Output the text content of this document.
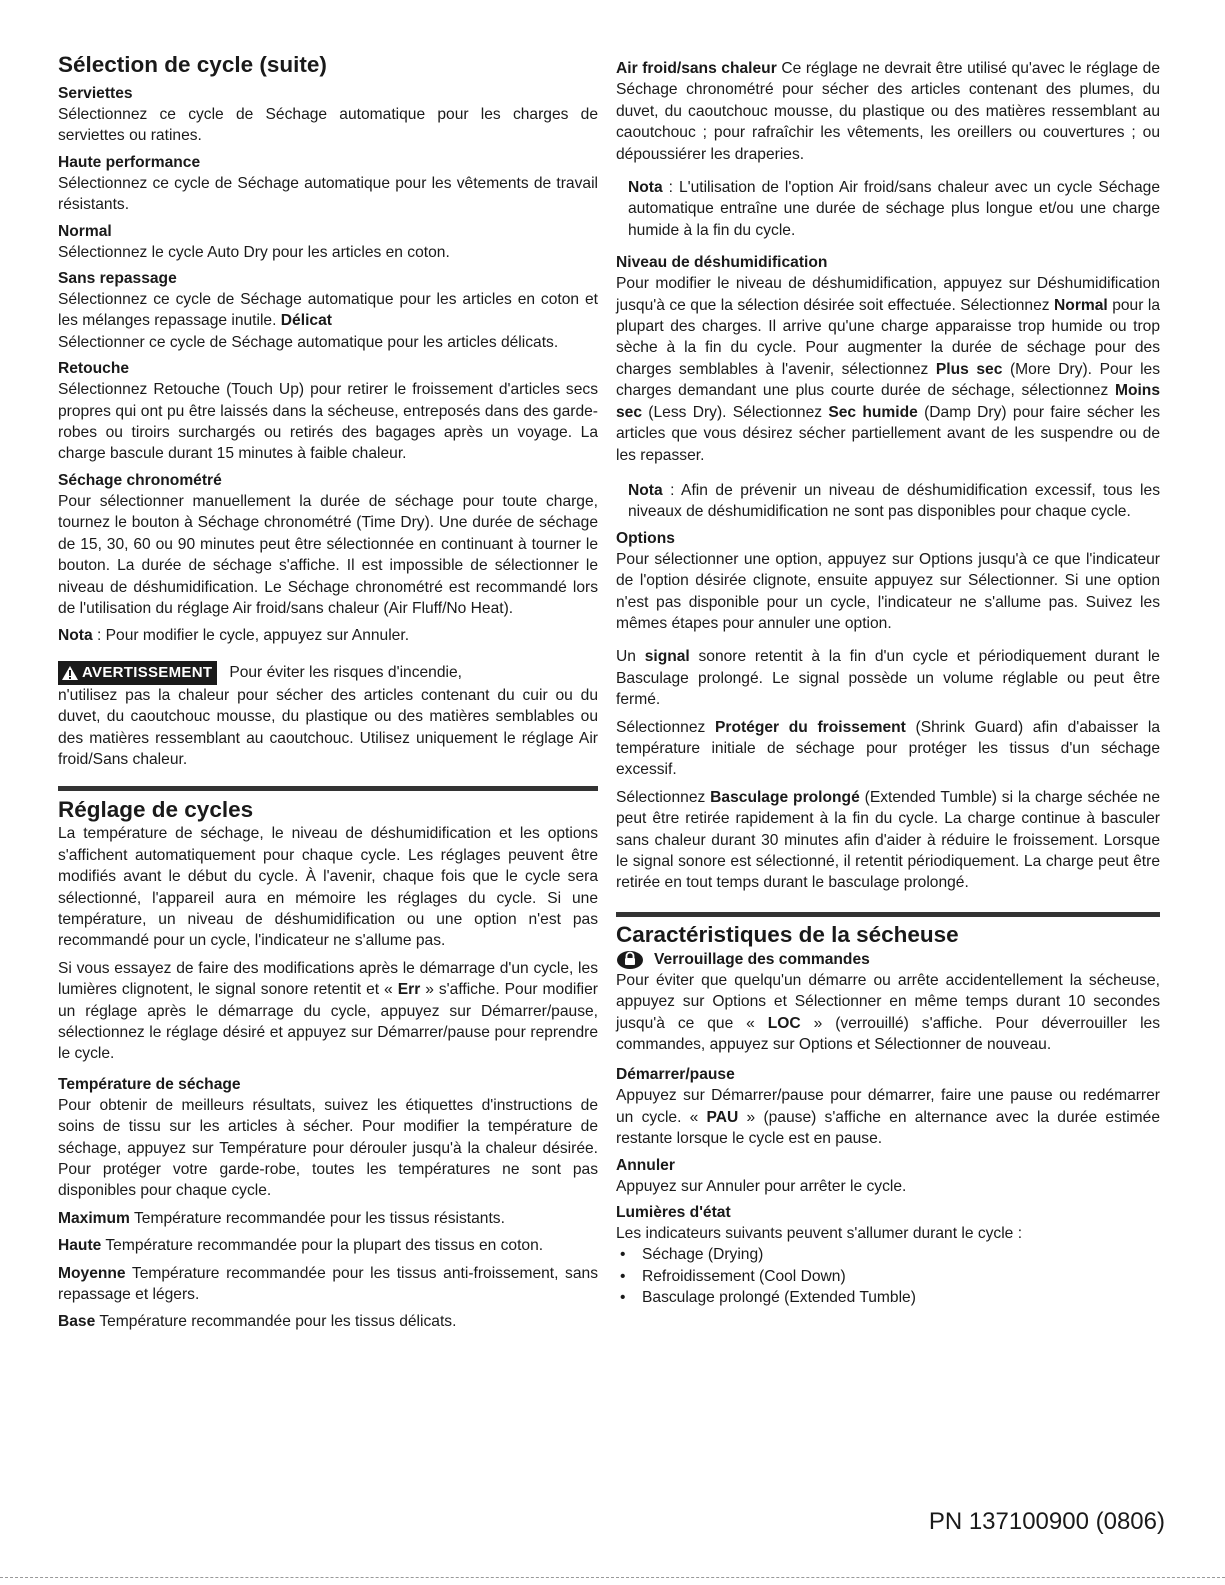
Sélection de cycle (suite)
Serviettes

Sélectionnez ce cycle de Séchage automatique pour les charges de serviettes ou ratines.

Haute performance

Sélectionnez ce cycle de Séchage automatique pour les vêtements de travail résistants.

Normal

Sélectionnez le cycle Auto Dry pour les articles en coton.

Sans repassage

Sélectionnez ce cycle de Séchage automatique pour les articles en coton et les mélanges repassage inutile. Délicat

Sélectionner ce cycle de Séchage automatique pour les articles délicats.

Retouche

Sélectionnez Retouche (Touch Up) pour retirer le froissement d'articles secs propres qui ont pu être laissés dans la sécheuse, entreposés dans des garde-robes ou tiroirs surchargés ou retirés des bagages après un voyage. La charge bascule durant 15 minutes à faible chaleur.

Séchage chronométré

Pour sélectionner manuellement la durée de séchage pour toute charge, tournez le bouton à Séchage chronométré (Time Dry). Une durée de séchage de 15, 30, 60 ou 90 minutes peut être sélectionnée en continuant à tourner le bouton. La durée de séchage s'affiche. Il est impossible de sélectionner le niveau de déshumidification. Le Séchage chronométré est recommandé lors de l'utilisation du réglage Air froid/sans chaleur (Air Fluff/No Heat).

Nota : Pour modifier le cycle, appuyez sur Annuler.

AVERTISSEMENT Pour éviter les risques d'incendie,

n'utilisez pas la chaleur pour sécher des articles contenant du cuir ou du duvet, du caoutchouc mousse, du plastique ou des matières semblables ou des matières ressemblant au caoutchouc. Utilisez uniquement le réglage Air froid/Sans chaleur.

Réglage de cycles

La température de séchage, le niveau de déshumidification et les options s'affichent automatiquement pour chaque cycle. Les réglages peuvent être modifiés avant le début du cycle. À l'avenir, chaque fois que le cycle sera sélectionné, l'appareil aura en mémoire les réglages du cycle. Si une température, un niveau de déshumidification ou une option n'est pas recommandé pour un cycle, l'indicateur ne s'allume pas.

Si vous essayez de faire des modifications après le démarrage d'un cycle, les lumières clignotent, le signal sonore retentit et « Err » s'affiche. Pour modifier un réglage après le démarrage du cycle, appuyez sur Démarrer/pause, sélectionnez le réglage désiré et appuyez sur Démarrer/pause pour reprendre le cycle.

Température de séchage

Pour obtenir de meilleurs résultats, suivez les étiquettes d'instructions de soins de tissu sur les articles à sécher. Pour modifier la température de séchage, appuyez sur Température pour dérouler jusqu'à la chaleur désirée. Pour protéger votre garde-robe, toutes les températures ne sont pas disponibles pour chaque cycle.

Maximum Température recommandée pour les tissus résistants.

Haute Température recommandée pour la plupart des tissus en coton.

Moyenne Température recommandée pour les tissus anti-froissement, sans repassage et légers.

Base Température recommandée pour les tissus délicats.

Air froid/sans chaleur Ce réglage ne devrait être utilisé qu'avec le réglage de Séchage chronométré pour sécher des articles contenant des plumes, du duvet, du caoutchouc mousse, du plastique ou des matières ressemblant au caoutchouc ; pour rafraîchir les vêtements, les oreillers ou couvertures ; ou dépoussiérer les draperies.

Nota : L'utilisation de l'option Air froid/sans chaleur avec un cycle Séchage automatique entraîne une durée de séchage plus longue et/ou une charge humide à la fin du cycle.

Niveau de déshumidification

Pour modifier le niveau de déshumidification, appuyez sur Déshumidification jusqu'à ce que la sélection désirée soit effectuée. Sélectionnez Normal pour la plupart des charges. Il arrive qu'une charge apparaisse trop humide ou trop sèche à la fin du cycle. Pour augmenter la durée de séchage pour des charges semblables à l'avenir, sélectionnez Plus sec (More Dry). Pour les charges demandant une plus courte durée de séchage, sélectionnez Moins sec (Less Dry). Sélectionnez Sec humide (Damp Dry) pour faire sécher les articles que vous désirez sécher partiellement avant de les suspendre ou de les repasser.

Nota : Afin de prévenir un niveau de déshumidification excessif, tous les niveaux de déshumidification ne sont pas disponibles pour chaque cycle.

Options

Pour sélectionner une option, appuyez sur Options jusqu'à ce que l'indicateur de l'option désirée clignote, ensuite appuyez sur Sélectionner. Si une option n'est pas disponible pour un cycle, l'indicateur ne s'allume pas. Suivez les mêmes étapes pour annuler une option.

Un signal sonore retentit à la fin d'un cycle et périodiquement durant le Basculage prolongé. Le signal possède un volume réglable ou peut être fermé.

Sélectionnez Protéger du froissement (Shrink Guard) afin d'abaisser la température initiale de séchage pour protéger les tissus d'un séchage excessif.

Sélectionnez Basculage prolongé (Extended Tumble) si la charge séchée ne peut être retirée rapidement à la fin du cycle. La charge continue à basculer sans chaleur durant 30 minutes afin d'aider à réduire le froissement. Lorsque le signal sonore est sélectionné, il retentit périodiquement. La charge peut être retirée en tout temps durant le basculage prolongé.

Caractéristiques de la sécheuse
Verrouillage des commandes

Pour éviter que quelqu'un démarre ou arrête accidentellement la sécheuse, appuyez sur Options et Sélectionner en même temps durant 10 secondes jusqu'à ce que « LOC » (verrouillé) s'affiche. Pour déverrouiller les commandes, appuyez sur Options et Sélectionner de nouveau.

Démarrer/pause

Appuyez sur Démarrer/pause pour démarrer, faire une pause ou redémarrer un cycle. « PAU » (pause) s'affiche en alternance avec la durée estimée restante lorsque le cycle est en pause.

Annuler

Appuyez sur Annuler pour arrêter le cycle.

Lumières d'état

Les indicateurs suivants peuvent s'allumer durant le cycle :

• Séchage (Drying)
• Refroidissement (Cool Down)
• Basculage prolongé (Extended Tumble)
PN 137100900 (0806)
